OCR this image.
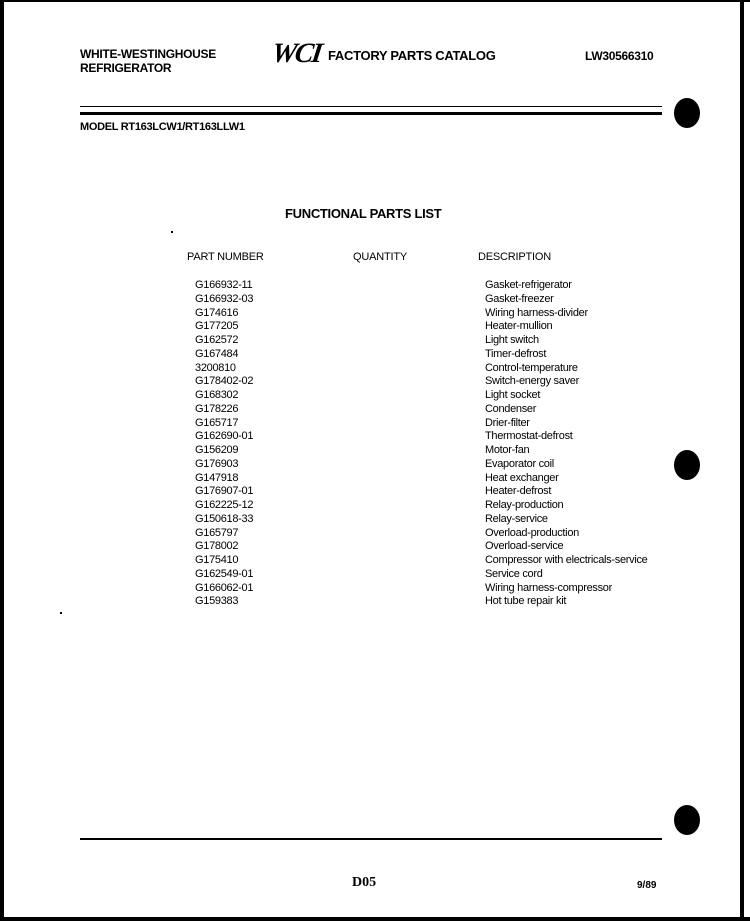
WHITE-WESTINGHOUSE
REFRIGERATOR	WCI FACTORY PARTS CATALOG	LW30566310
MODEL RT163LCW1/RT163LLW1
FUNCTIONAL PARTS LIST
PART NUMBER	QUANTITY	DESCRIPTION
G166932-11	Gasket-refrigerator
G166932-03	Gasket-freezer
G174616	Wiring harness-divider
G177205	Heater-mullion
G162572	Light switch
G167484	Timer-defrost
3200810	Control-temperature
G178402-02	Switch-energy saver
G168302	Light socket
G178226	Condenser
G165717	Drier-filter
G162690-01	Thermostat-defrost
G156209	Motor-fan
G176903	Evaporator coil
G147918	Heat exchanger
G176907-01	Heater-defrost
G162225-12	Relay-production
G150618-33	Relay-service
G165797	Overload-production
G178002	Overload-service
G175410	Compressor with electricals-service
G162549-01	Service cord
G166062-01	Wiring harness-compressor
G159383	Hot tube repair kit
D05	9/89
